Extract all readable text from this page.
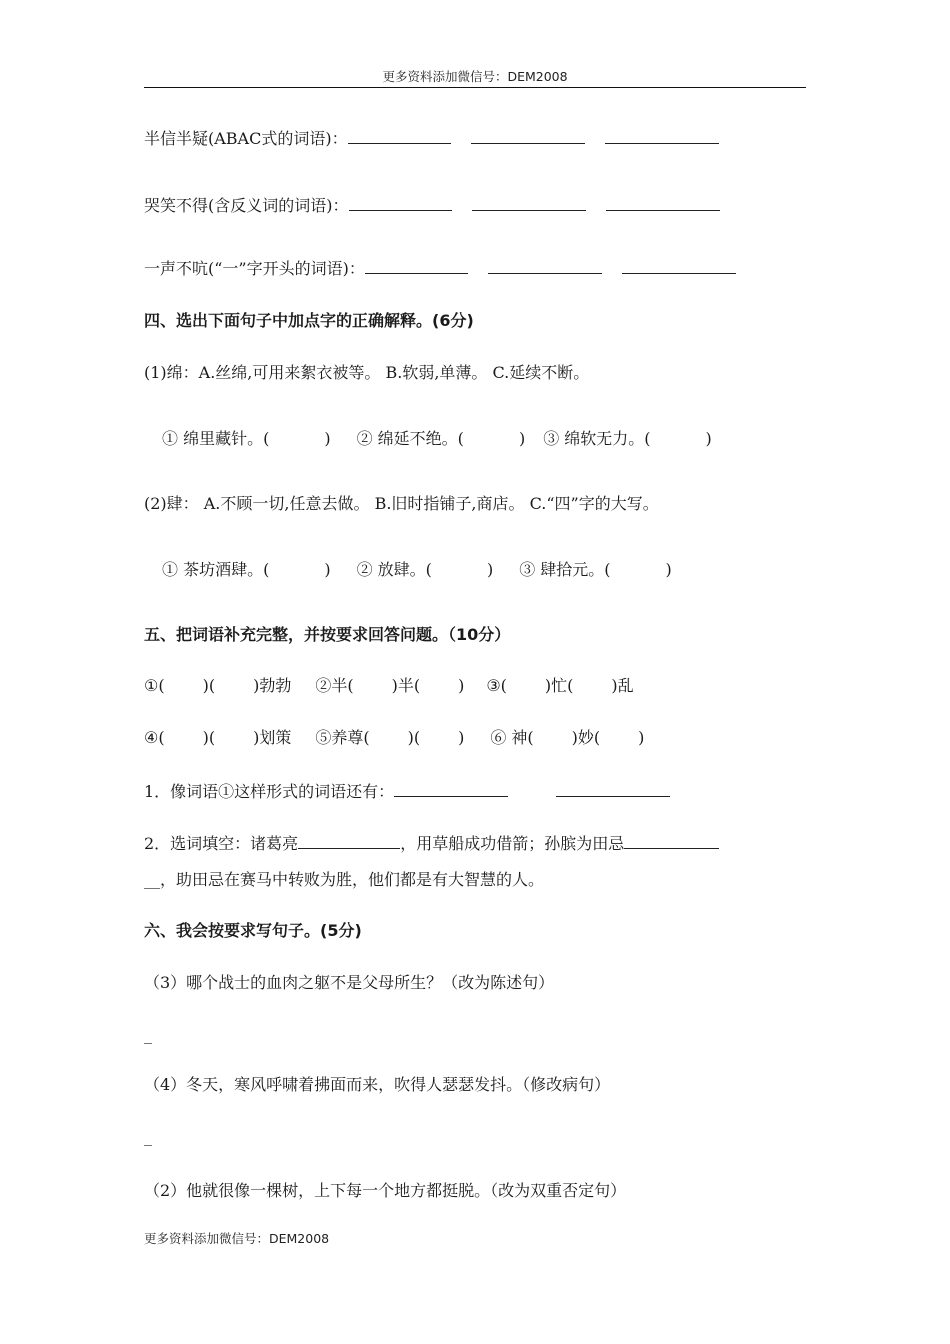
更多资料添加微信号：DEM2008
半信半疑(ABAC式的词语)：
哭笑不得(含反义词的词语)：
一声不吭(“一”字开头的词语)：
四、选出下面句子中加点字的正确解释。(6分)
(1)绵：A.丝绵,可用来絮衣被等。 B.软弱,单薄。 C.延续不断。
① 绵里藏针。(	) ② 绵延不绝。(	) ③ 绵软无力。(	)
(2)肆： A.不顾一切,任意去做。 B.旧时指铺子,商店。 C.“四”字的大写。
① 茶坊酒肆。(	) ② 放肆。(	) ③ 肆拾元。(	)
五、把词语补充完整，并按要求回答问题。（10分）
①( )( )勃勃 ②半( )半( ) ③( )忙( )乱
④( )( )划策 ⑤养尊( )( ) ⑥ 神( )妙( )
1．像词语①这样形式的词语还有：
2．选词填空：诸葛亮	，用草船成功借箭；孙膑为田忌
__，助田忌在赛马中转败为胜，他们都是有大智慧的人。
六、我会按要求写句子。(5分)
（3）哪个战士的血肉之躯不是父母所生？（改为陈述句）
_
（4）冬天，寒风呼啸着拂面而来，吹得人瑟瑟发抖。（修改病句）
_
（2）他就很像一棵树，上下每一个地方都挺脱。（改为双重否定句）
更多资料添加微信号：DEM2008
